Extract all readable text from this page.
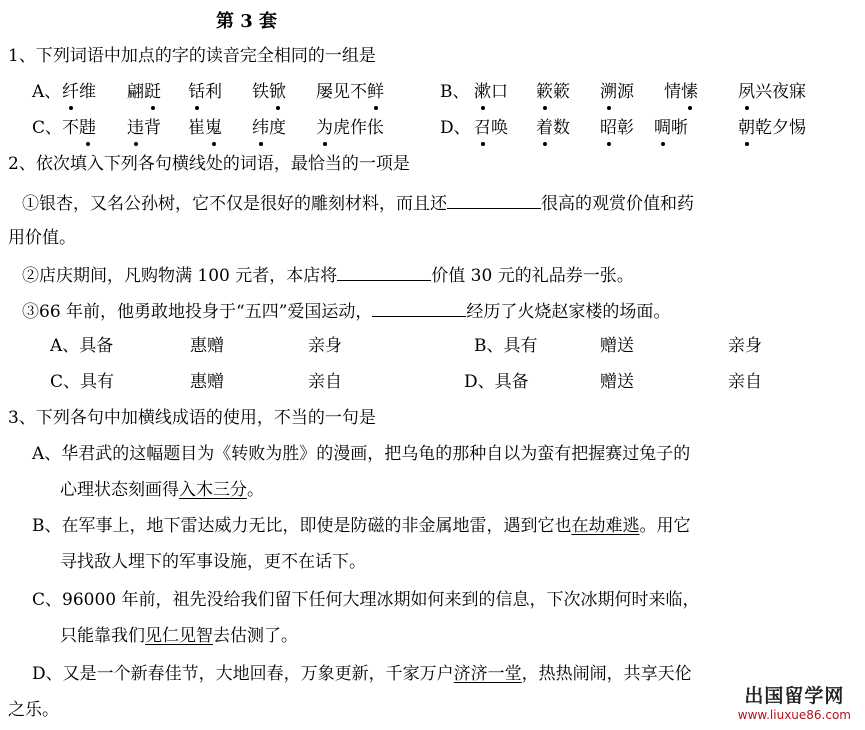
第 3 套
1、下列词语中加点的字的读音完全相同的一组是
A、 纤维 翩跹 铦利 铁锨 屡见不鲜	B、 漱口 簌簌 溯源 情愫 夙兴夜寐
C、 不韪 违背 崔嵬 纬度 为虎作伥	D、 召唤 着数 昭彰 啁哳	朝乾夕惕
2、依次填入下列各句横线处的词语，最恰当的一项是
①银杏，又名公孙树，它不仅是很好的雕刻材料，而且还	很高的观赏价值和药
用价值。
②店庆期间，凡购物满 100 元者，本店将	价值 30 元的礼品券一张。
③66 年前，他勇敢地投身于“五四”爱国运动，	经历了火烧赵家楼的场面。
A、具备	惠赠	亲身	B、具有	赠送	亲身
C、具有	惠赠	亲自	D、具备	赠送	亲自
3、下列各句中加横线成语的使用，不当的一句是
A、华君武的这幅题目为《转败为胜》的漫画，把乌龟的那种自以为蛮有把握赛过兔子的
心理状态刻画得入木三分。
B、在军事上，地下雷达威力无比，即使是防磁的非金属地雷，遇到它也在劫难逃。用它
寻找敌人埋下的军事设施，更不在话下。
C、96000 年前，祖先没给我们留下任何大理冰期如何来到的信息，下次冰期何时来临，
只能靠我们见仁见智去估测了。
D、又是一个新春佳节，大地回春，万象更新，千家万户济济一堂，热热闹闹，共享天伦
之乐。
出国留学网
www.liuxue86.com
